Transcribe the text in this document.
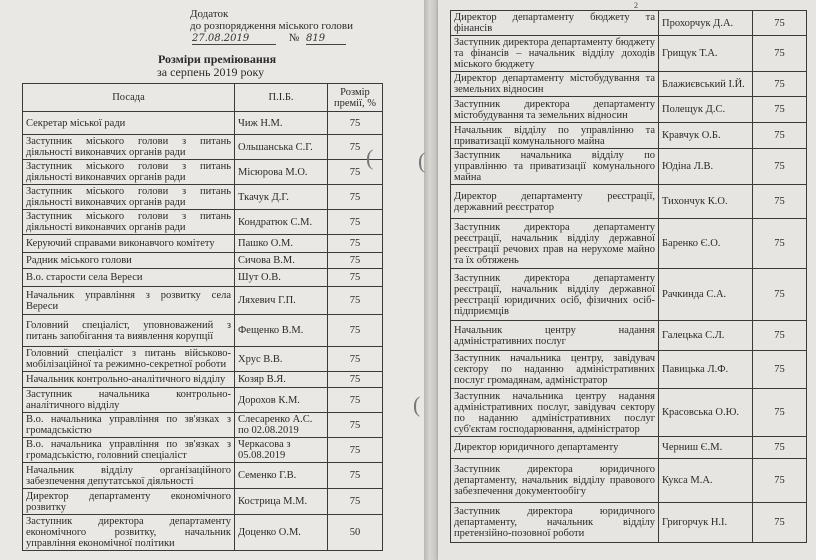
Додаток
до розпорядження міського голови
27.08.2019	№ 819
Розміри преміювання
за серпень 2019 року
Посада	П.І.Б.	Розмір премії, %
Секретар міської ради	Чиж Н.М.	75
Заступник міського голови з питань діяльності виконавчих органів ради	Ольшанська С.Г.	75
Заступник міського голови з питань діяльності виконавчих органів ради	Місюрова М.О.	75
Заступник міського голови з питань діяльності виконавчих органів ради	Ткачук Д.Г.	75
Заступник міського голови з питань діяльності виконавчих органів ради	Кондратюк С.М.	75
Керуючий справами виконавчого комітету	Пашко О.М.	75
Радник міського голови	Сичова В.М.	75
В.о. старости села Вереси	Шут О.В.	75
Начальник управління з розвитку села Вереси	Ляхевич Г.П.	75
Головний спеціаліст, уповноважений з питань запобігання та виявлення корупції	Фещенко В.М.	75
Головний спеціаліст з питань військово-мобілізаційної та режимно-секретної роботи	Хрус В.В.	75
Начальник контрольно-аналітичного відділу	Козяр В.Я.	75
Заступник начальника контрольно-аналітичного відділу	Дорохов К.М.	75
В.о. начальника управління по зв'язках з громадськістю	Слесаренко А.С. по 02.08.2019	75
В.о. начальника управління по зв'язках з громадськістю, головний спеціаліст	Черкасова з 05.08.2019	75
Начальник відділу організаційного забезпечення депутатської діяльності	Семенко Г.В.	75
Директор департаменту економічного розвитку	Кострица М.М.	75
Заступник директора департаменту економічного розвитку, начальник управління економічної політики	Доценко О.М.	50
(
2
Директор департаменту бюджету та фінансів	Прохорчук Д.А.	75
Заступник директора департаменту бюджету та фінансів – начальник відділу доходів міського бюджету	Грищук Т.А.	75
Директор департаменту містобудування та земельних відносин	Блажиєвський І.Й.	75
Заступник директора департаменту містобудування та земельних відносин	Полещук Д.С.	75
Начальник відділу по управлінню та приватизації комунального майна	Кравчук О.Б.	75
Заступник начальника відділу по управлінню та приватизації комунального майна	Юдіна Л.В.	75
Директор департаменту реєстрації, державний реєстратор	Тихончук К.О.	75
Заступник директора департаменту реєстрації, начальник відділу державної реєстрації речових прав на нерухоме майно та їх обтяжень	Баренко Є.О.	75
Заступник директора департаменту реєстрації, начальник відділу державної реєстрації юридичних осіб, фізичних осіб-підприємців	Рачкинда С.А.	75
Начальник центру надання адміністративних послуг	Галецька С.Л.	75
Заступник начальника центру, завідувач сектору по наданню адміністративних послуг громадянам, адміністратор	Павицька Л.Ф.	75
Заступник начальника центру надання адміністративних послуг, завідувач сектору по наданню адміністративних послуг суб'єктам господарювання, адміністратор	Красовська О.Ю.	75
Директор юридичного департаменту	Черниш Є.М.	75
Заступник директора юридичного департаменту, начальник відділу правового забезпечення документообігу	Кукса М.А.	75
Заступник директора юридичного департаменту, начальник відділу претензійно-позовної роботи	Григорчук Н.І.	75
(
(
